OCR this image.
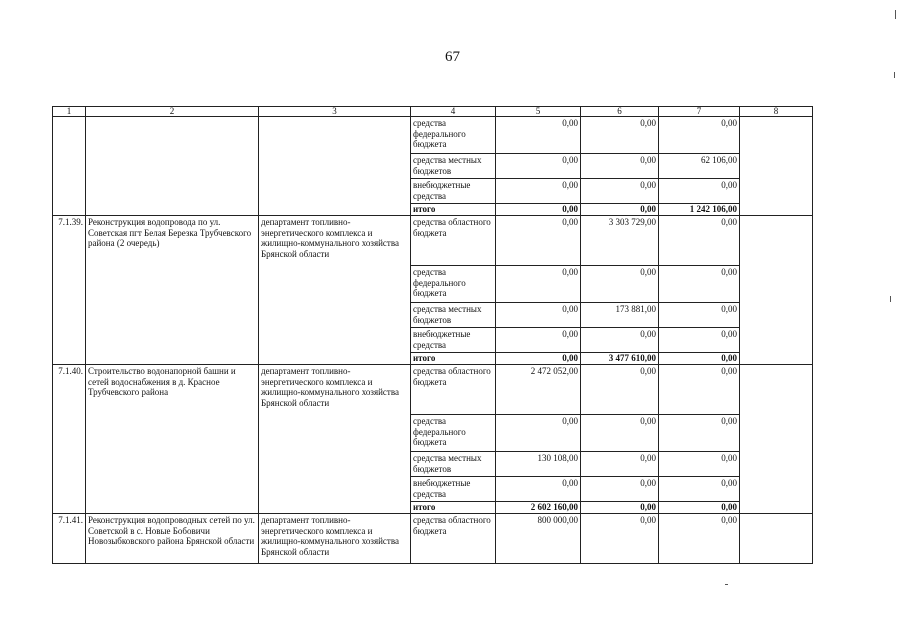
67
1	2	3	4	5	6	7	8
			средства федерального бюджета	0,00	0,00	0,00	
			средства местных бюджетов	0,00	0,00	62 106,00	
			внебюджетные средства	0,00	0,00	0,00	
			итого	0,00	0,00	1 242 106,00	
7.1.39.	Реконструкция водопровода по ул. Советская пгт Белая Березка Трубчевского района (2 очередь)	департамент топливно-энергетического комплекса и жилищно-коммунального хозяйства Брянской области	средства областного бюджета	0,00	3 303 729,00	0,00	
			средства федерального бюджета	0,00	0,00	0,00	
			средства местных бюджетов	0,00	173 881,00	0,00	
			внебюджетные средства	0,00	0,00	0,00	
			итого	0,00	3 477 610,00	0,00	
7.1.40.	Строительство водонапорной башни и сетей водоснабжения в д. Красное Трубчевского района	департамент топливно-энергетического комплекса и жилищно-коммунального хозяйства Брянской области	средства областного бюджета	2 472 052,00	0,00	0,00	
			средства федерального бюджета	0,00	0,00	0,00	
			средства местных бюджетов	130 108,00	0,00	0,00	
			внебюджетные средства	0,00	0,00	0,00	
			итого	2 602 160,00	0,00	0,00	
7.1.41.	Реконструкция водопроводных сетей по ул. Советской в с. Новые Бобовичи Новозыбковского района Брянской области	департамент топливно-энергетического комплекса и жилищно-коммунального хозяйства Брянской области	средства областного бюджета	800 000,00	0,00	0,00	
